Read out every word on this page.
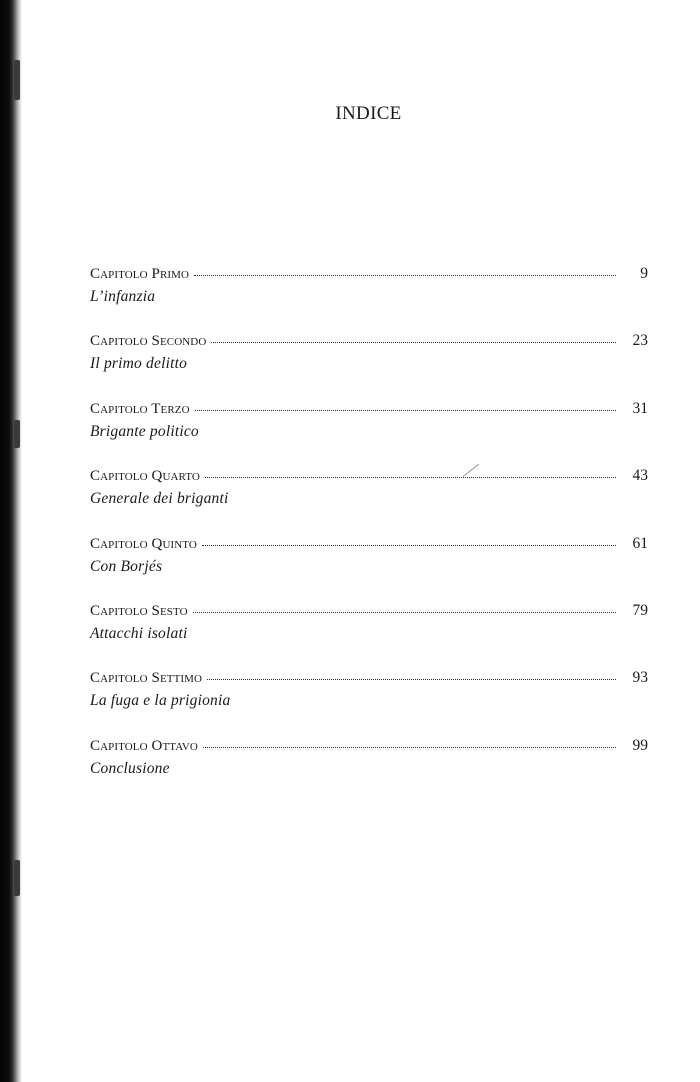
INDICE
Capitolo Primo	9
L’infanzia
Capitolo Secondo	23
Il primo delitto
Capitolo Terzo	31
Brigante politico
Capitolo Quarto	43
Generale dei briganti
Capitolo Quinto	61
Con Borjés
Capitolo Sesto	79
Attacchi isolati
Capitolo Settimo	93
La fuga e la prigionia
Capitolo Ottavo	99
Conclusione
